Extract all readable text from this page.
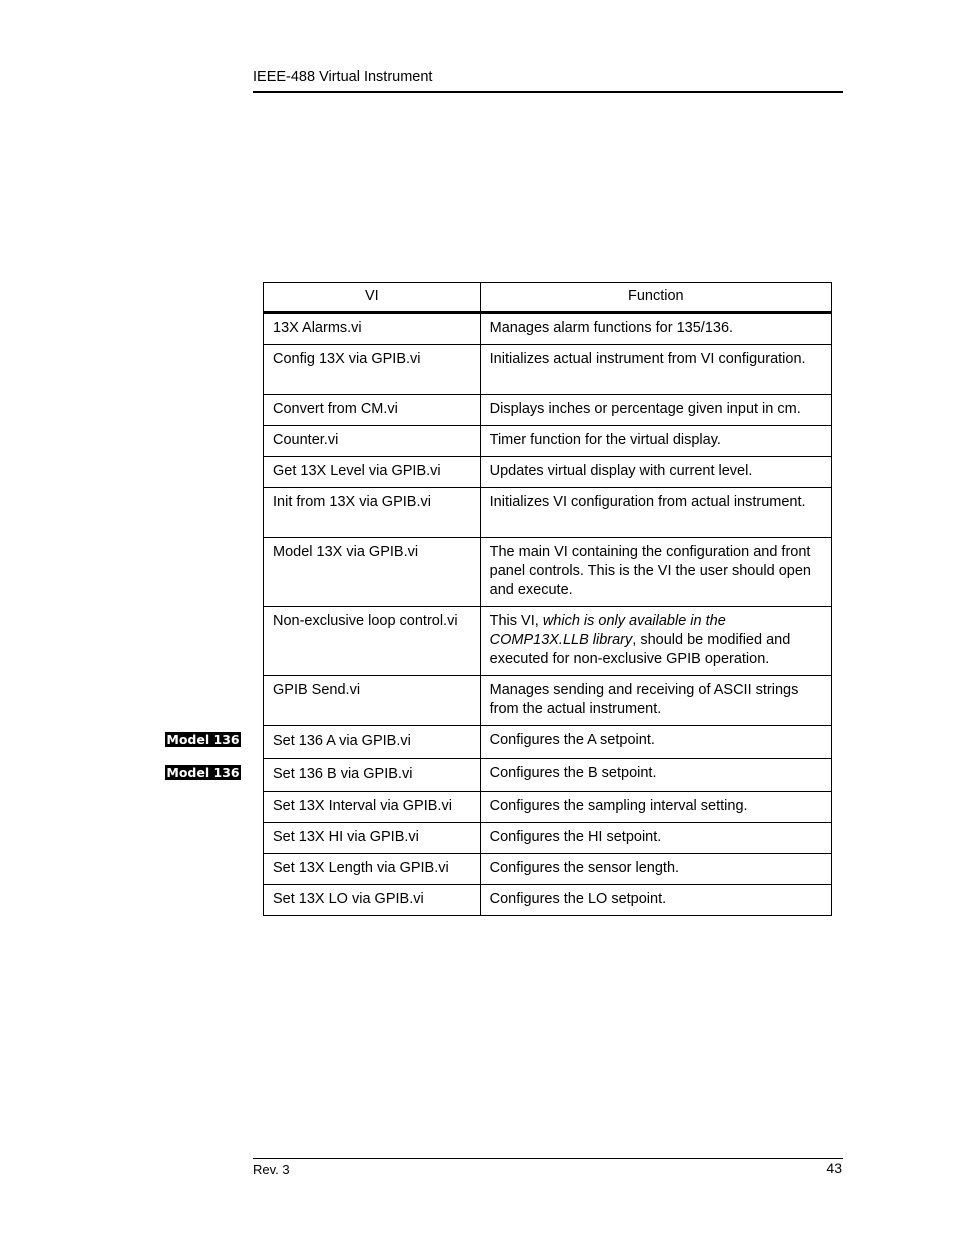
IEEE-488 Virtual Instrument
Model 136
Model 136
VI	Function
13X Alarms.vi	Manages alarm functions for 135/136.
Config 13X via GPIB.vi	Initializes actual instrument from VI configuration.
Convert from CM.vi	Displays inches or percentage given input in cm.
Counter.vi	Timer function for the virtual display.
Get 13X Level via GPIB.vi	Updates virtual display with current level.
Init from 13X via GPIB.vi	Initializes VI configuration from actual instrument.
Model 13X via GPIB.vi	The main VI containing the configuration and front panel controls. This is the VI the user should open and execute.
Non-exclusive loop control.vi	This VI, which is only available in the COMP13X.LLB library, should be modified and executed for non-exclusive GPIB operation.
GPIB Send.vi	Manages sending and receiving of ASCII strings from the actual instrument.
Set 136 A via GPIB.vi	Configures the A setpoint.
Set 136 B via GPIB.vi	Configures the B setpoint.
Set 13X Interval via GPIB.vi	Configures the sampling interval setting.
Set 13X HI via GPIB.vi	Configures the HI setpoint.
Set 13X Length via GPIB.vi	Configures the sensor length.
Set 13X LO via GPIB.vi	Configures the LO setpoint.
Rev. 3	43
